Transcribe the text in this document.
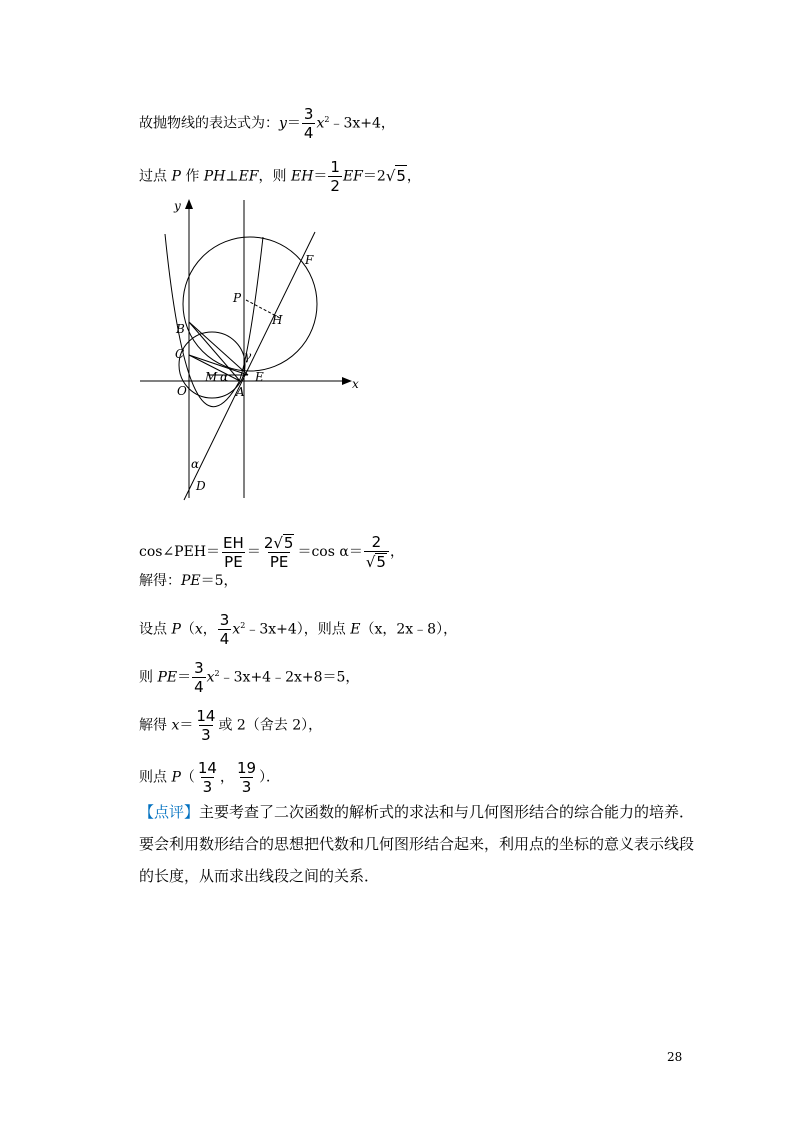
故抛物线的表达式为：$y= \frac{3}{4}$ $x^2﹣3x+4$，
过点 P 作 PH⊥EF，则 $EH= \frac{1}{2} EF=2$ √ 5 ，
y
x
O	A
B
C
D
E
F
H
P
M α
α
γ
cos∠PEH＝ $\frac{EH}{PE} = \frac{2 √ 5}{PE} =\cos$ $\alpha= \frac{2}{√ 5}$ ，
解得：PE＝5，
设点 P（x， $\frac{3}{4}$ $x^2﹣3x+4$），则点 E（x，2x﹣8），
则 $PE= \frac{3}{4}$ $x^2﹣3x+4﹣2x+8=5$，
解得 $x= \frac{14}{3}$ 或 2（舍去 2），
则点 $P( \frac{14}{3}$ ， $\frac{19}{3}$ ）．
【点评】主要考查了二次函数的解析式的求法和与几何图形结合的综合能力的培养．要会利用数形结合的思想把代数和几何图形结合起来，利用点的坐标的意义表示线段的长度，从而求出线段之间的关系．
28
